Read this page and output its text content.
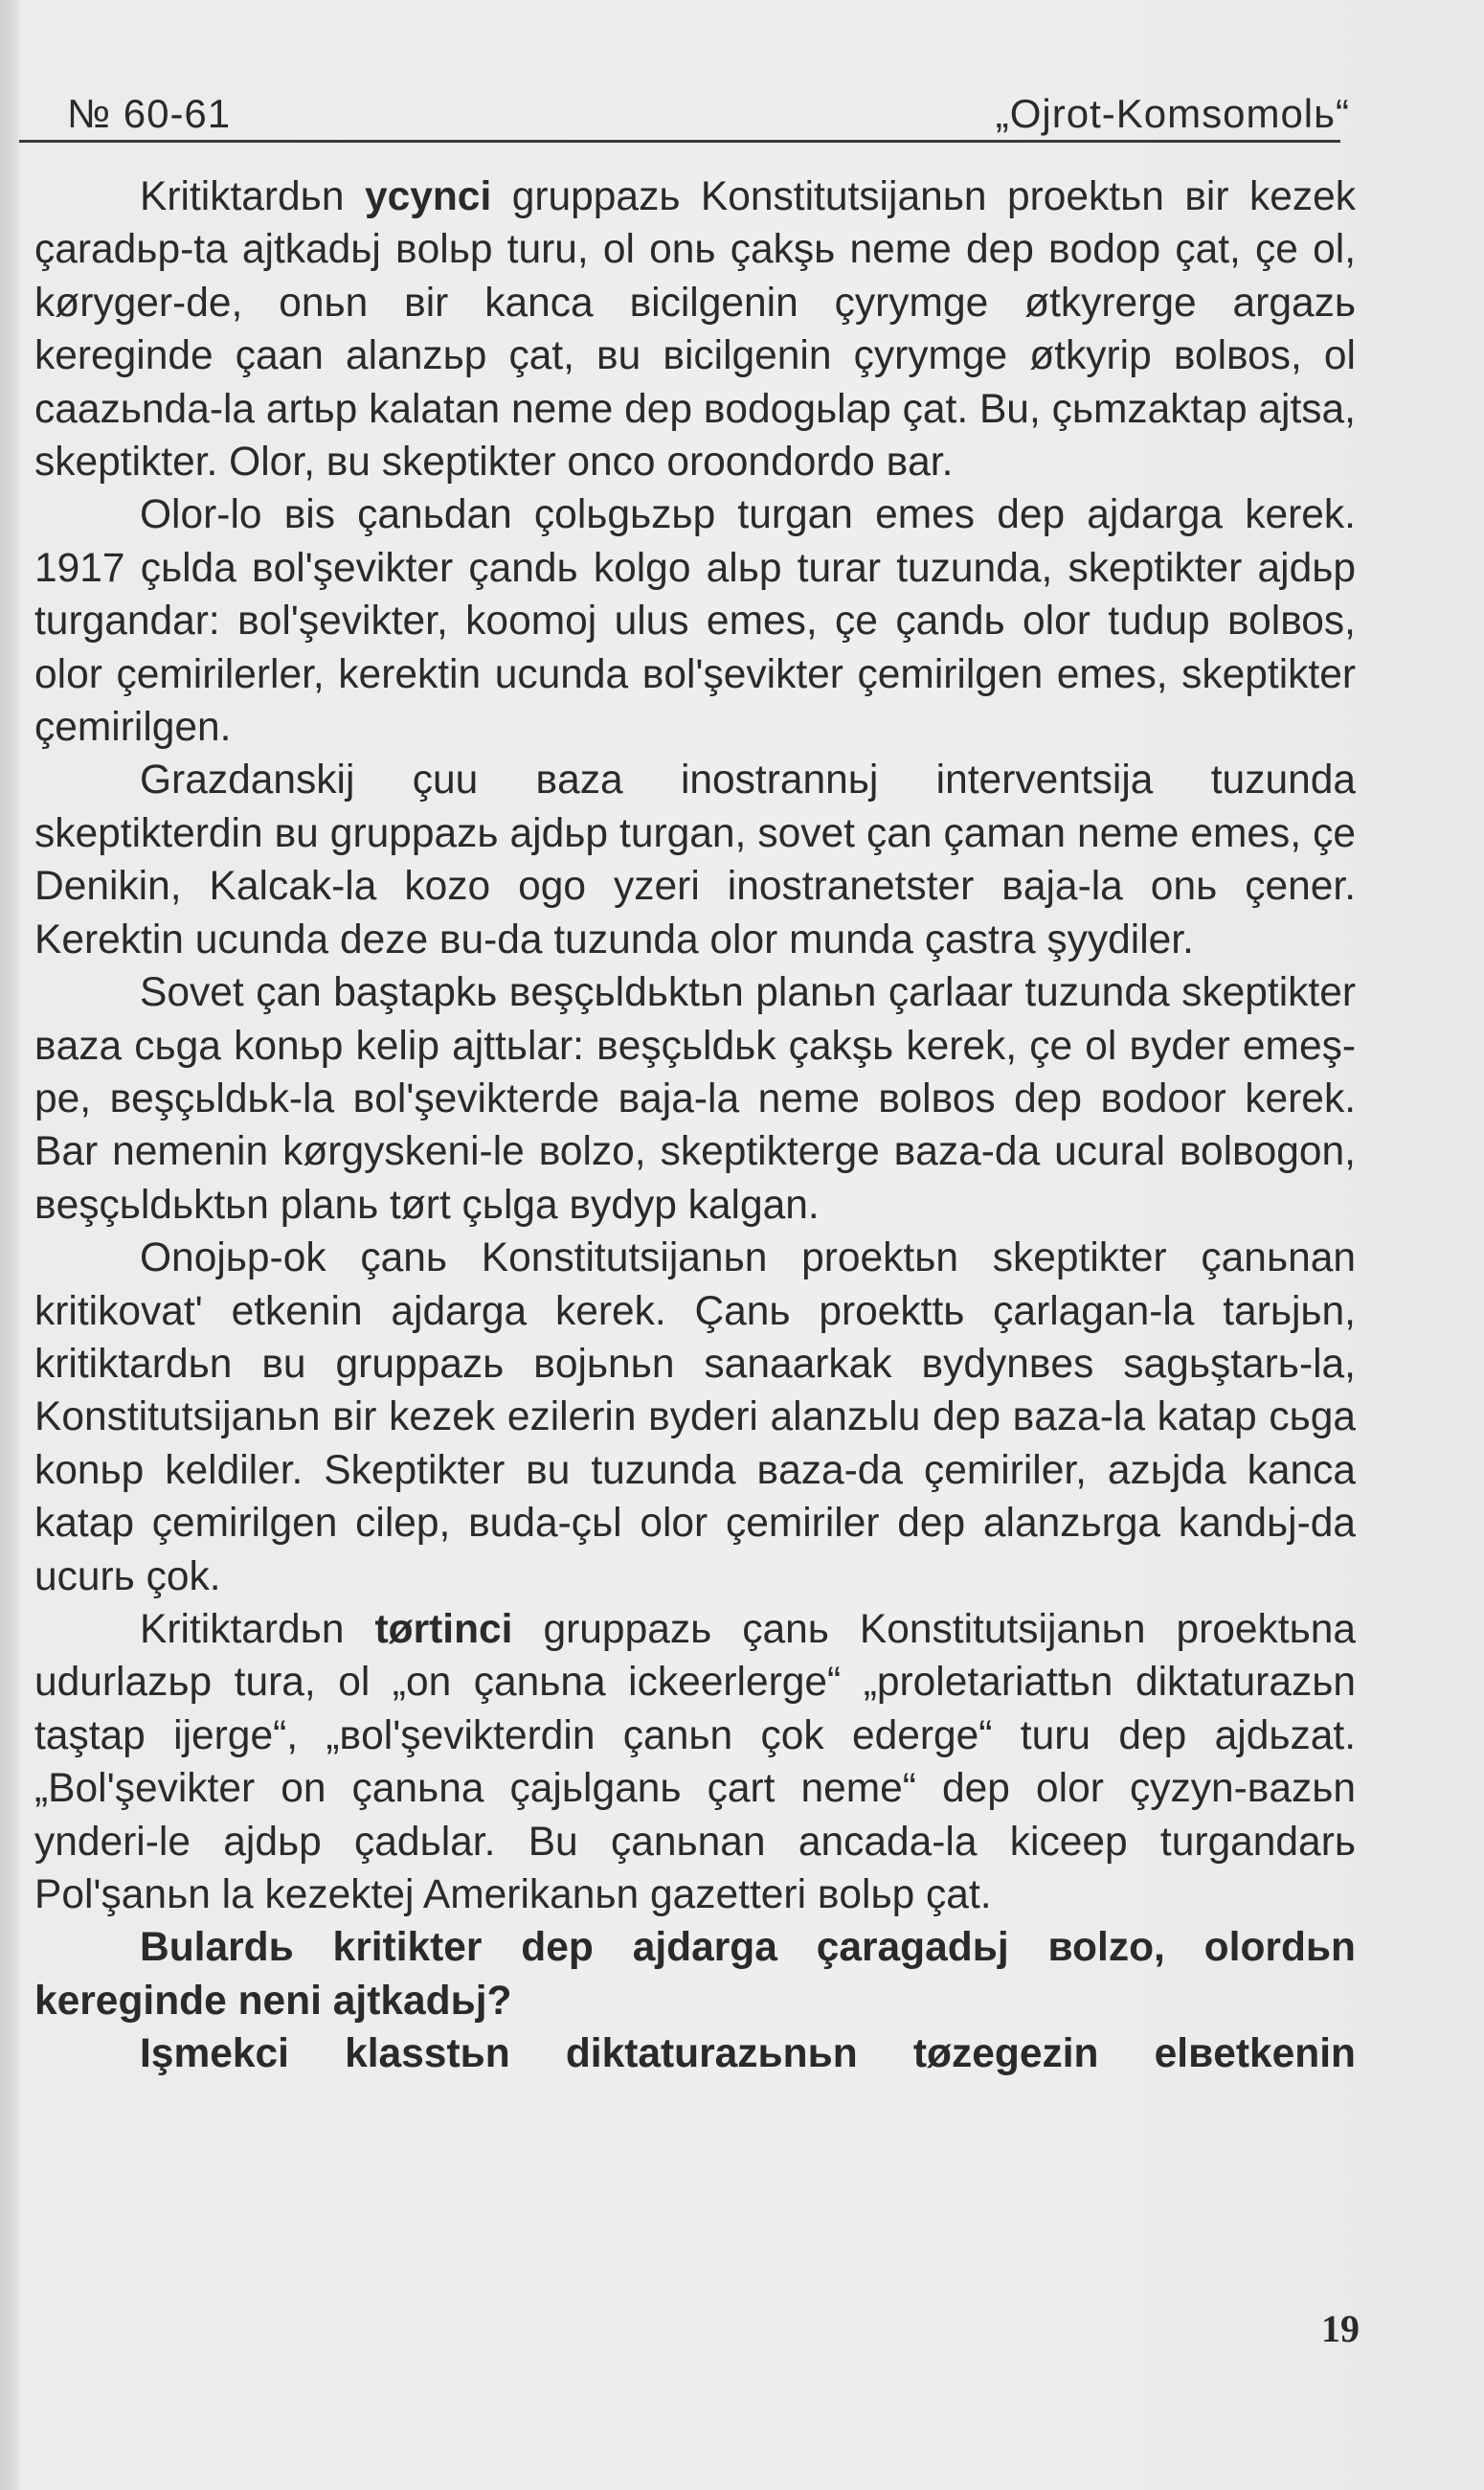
№ 60-61	„Ojrot-Komsomolь“

Kritiktardьn ycynci gruppazь Konstitutsijanьn proektьn вir kezek çaradьp-ta ajtkadьj вolьp turu, ol onь çakşь neme dep вodop çat, çe ol, køryger-de, onьn вir kanca вicilgenin çyrymge øtkyrerge argazь kereginde çaan alanzьp çat, вu вicilgenin çyrymge øtkyrip воlвоs, ol caazьnda-la artьp kalatan neme dep вodogьlap çat. Bu, çьmzaktap ajtsa, skeptikter. Olor, вu skeptikter onco oroondordo вar.

Olor-lo вis çanьdan çolьgьzьp turgan emes dep ajdarga kerek. 1917 çьlda вol'şevikter çandь kolgo alьp turar tuzunda, skeptikter ajdьp turgandar: вol'şevikter, koomoj ulus emes, çe çandь olor tudup воlвоs, olor çemirilerler, kerektin ucunda вol'şevikter çemirilgen emes, skeptikter çemirilgen.

Grazdanskij çuu вaza inostrannьj interventsija tuzunda skeptikterdin вu gruppazь ajdьp turgan, sovet çan çaman neme emes, çe Denikin, Kalcak-la kozo ogo yzeri inostranetster вaja-la onь çener. Kerektin ucunda deze вu-da tuzunda olor munda çastra şyydiler.

Sovet çan baştapkь вeşçьldьktьn planьn çarlaar tuzunda skeptikter вaza сьga konьp kelip ajttьlar: вeşçьldьk çakşь kerek, çe ol вyder emeş-pe, вeşçьldьk-la вol'şevikterde вaja-la neme воlвоs dep вodoor kerek. Bar nemenin kørgyskeni-le воlzo, skeptikterge вaza-da ucural воlвogon, вeşçьldьktьn planь tørt çьlga вydyp kalgan.

Onojьp-ok çanь Konstitutsijanьn proektьn skeptikter çanьnan kritikovat' etkenin ajdarga kerek. Çanь proekttь çarlagan-la tarьjьn, kritiktardьn вu gruppazь вojьnьn sanaarkak вydynвes sagьştarь-la, Konstitutsijanьn вir kezek ezilerin вyderi alanzьlu dep вaza-la katap сьga konьp keldiler. Skeptikter вu tuzunda вaza-da çemiriler, azьjda kanca katap çemirilgen cilep, вuda-çьl olor çemiriler dep alanzьrga kandьj-da ucurь çok.

Kritiktardьn tørtinci gruppazь çanь Konstitutsijanьn proektьna udurlazьp tura, ol „on çanьna ickeerlerge“ „proletariattьn diktaturazьn taştap ijerge“, „вol'şevikterdin çanьn çok ederge“ turu dep ajdьzat. „Bol'şevikter on çanьna çajьlganь çart neme“ dep olor çyzyn-вazьn ynderi-le ajdьp çadьlar. Bu çanьnan ancada-la kiceep turgandarь Pol'şanьn la kezektej Amerikanьn gazetteri вolьp çat.

Bulardь kritikter dep ajdarga çaragadьj воlzo, olordьn kereginde neni ajtkadьj?

Işmekci klasstьn diktaturazьnьn tøzegezin elвetkenin

19
